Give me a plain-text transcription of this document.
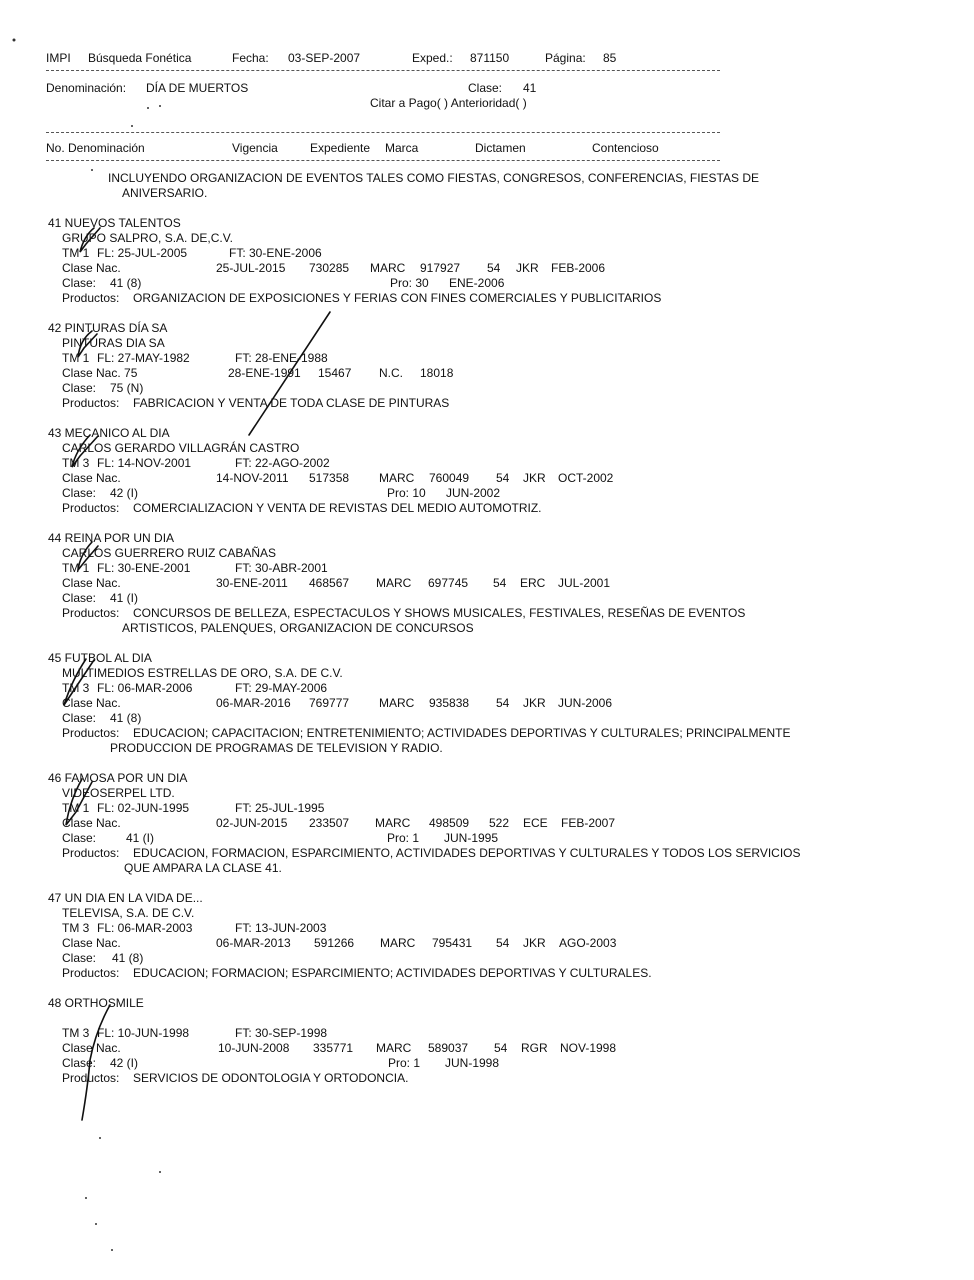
IMPI Búsqueda Fonética	Fecha: 03-SEP-2007	Exped.: 871150	Página: 85
Denominación: DÍA DE MUERTOS	Clase: 41
Citar a Pago( ) Anterioridad( )
No. Denominación	Vigencia	Expediente Marca	Dictamen	Contencioso
INCLUYENDO ORGANIZACION DE EVENTOS TALES COMO FIESTAS, CONGRESOS, CONFERENCIAS, FIESTAS DE
ANIVERSARIO.
41 NUEVOS TALENTOS
GRUPO SALPRO, S.A. DE,C.V.
TM 1 FL: 25-JUL-2005	FT: 30-ENE-2006
Clase Nac.	25-JUL-2015 730285 MARC 917927 54 JKR FEB-2006
Clase: 41 (8)	Pro: 30 ENE-2006
Productos: ORGANIZACION DE EXPOSICIONES Y FERIAS CON FINES COMERCIALES Y PUBLICITARIOS
42 PINTURAS DÍA SA
PINTURAS DIA SA
TM 1 FL: 27-MAY-1982	FT: 28-ENE-1988
Clase Nac. 75	28-ENE-1991 15467 N.C. 18018
Clase: 75 (N)
Productos: FABRICACION Y VENTA DE TODA CLASE DE PINTURAS
43 MECANICO AL DIA
CARLOS GERARDO VILLAGRÁN CASTRO
TM 3 FL: 14-NOV-2001	FT: 22-AGO-2002
Clase Nac.	14-NOV-2011 517358 MARC 760049 54 JKR OCT-2002
Clase: 42 (I)	Pro: 10 JUN-2002
Productos: COMERCIALIZACION Y VENTA DE REVISTAS DEL MEDIO AUTOMOTRIZ.
44 REINA POR UN DIA
CARLOS GUERRERO RUIZ CABAÑAS
TM 1 FL: 30-ENE-2001	FT: 30-ABR-2001
Clase Nac.	30-ENE-2011 468567 MARC 697745 54 ERC JUL-2001
Clase: 41 (I)
Productos: CONCURSOS DE BELLEZA, ESPECTACULOS Y SHOWS MUSICALES, FESTIVALES, RESEÑAS DE EVENTOS
ARTISTICOS, PALENQUES, ORGANIZACION DE CONCURSOS
45 FUTBOL AL DIA
MULTIMEDIOS ESTRELLAS DE ORO, S.A. DE C.V.
TM 3 FL: 06-MAR-2006	FT: 29-MAY-2006
Clase Nac.	06-MAR-2016 769777 MARC 935838 54 JKR JUN-2006
Clase: 41 (8)
Productos: EDUCACION; CAPACITACION; ENTRETENIMIENTO; ACTIVIDADES DEPORTIVAS Y CULTURALES; PRINCIPALMENTE
PRODUCCION DE PROGRAMAS DE TELEVISION Y RADIO.
46 FAMOSA POR UN DIA
VIDEOSERPEL LTD.
TM 1 FL: 02-JUN-1995	FT: 25-JUL-1995
Clase Nac.	02-JUN-2015 233507 MARC 498509 522 ECE FEB-2007
Clase: 41 (I)	Pro: 1 JUN-1995
Productos: EDUCACION, FORMACION, ESPARCIMIENTO, ACTIVIDADES DEPORTIVAS Y CULTURALES Y TODOS LOS SERVICIOS
QUE AMPARA LA CLASE 41.
47 UN DIA EN LA VIDA DE...
TELEVISA, S.A. DE C.V.
TM 3 FL: 06-MAR-2003	FT: 13-JUN-2003
Clase Nac.	06-MAR-2013 591266 MARC 795431 54 JKR AGO-2003
Clase: 41 (8)
Productos: EDUCACION; FORMACION; ESPARCIMIENTO; ACTIVIDADES DEPORTIVAS Y CULTURALES.
48 ORTHOSMILE
TM 3 FL: 10-JUN-1998	FT: 30-SEP-1998
Clase Nac.	10-JUN-2008 335771 MARC 589037 54 RGR NOV-1998
Clase: 42 (I)	Pro: 1 JUN-1998
Productos: SERVICIOS DE ODONTOLOGIA Y ORTODONCIA.
